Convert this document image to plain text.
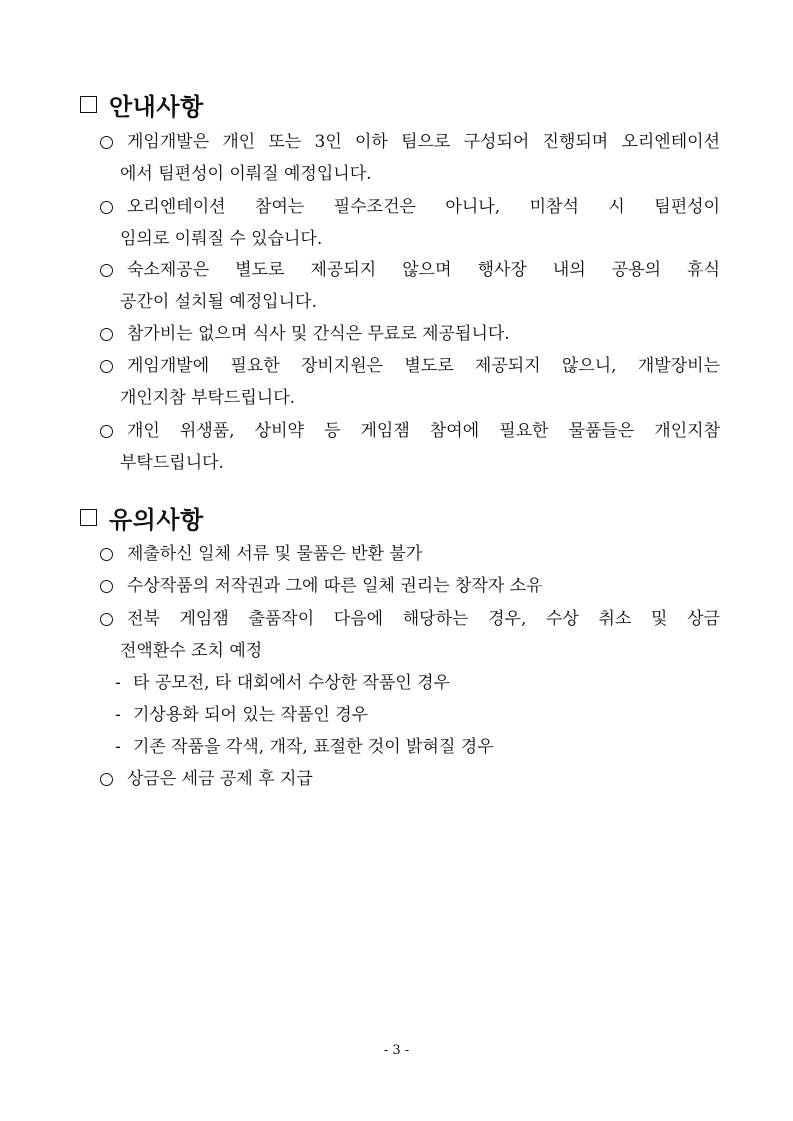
안내사항
게임개발은 개인 또는 3인 이하 팀으로 구성되어 진행되며 오리엔테이션
에서 팀편성이 이뤄질 예정입니다.
오리엔테이션 참여는 필수조건은 아니나, 미참석 시 팀편성이
임의로 이뤄질 수 있습니다.
숙소제공은 별도로 제공되지 않으며 행사장 내의 공용의 휴식
공간이 설치될 예정입니다.
참가비는 없으며 식사 및 간식은 무료로 제공됩니다.
게임개발에 필요한 장비지원은 별도로 제공되지 않으니, 개발장비는
개인지참 부탁드립니다.
개인 위생품, 상비약 등 게임잼 참여에 필요한 물품들은 개인지참
부탁드립니다.
유의사항
제출하신 일체 서류 및 물품은 반환 불가
수상작품의 저작권과 그에 따른 일체 권리는 창작자 소유
전북 게임잼 출품작이 다음에 해당하는 경우, 수상 취소 및 상금
전액환수 조치 예정
- 타 공모전, 타 대회에서 수상한 작품인 경우
- 기상용화 되어 있는 작품인 경우
- 기존 작품을 각색, 개작, 표절한 것이 밝혀질 경우
상금은 세금 공제 후 지급
- 3 -
